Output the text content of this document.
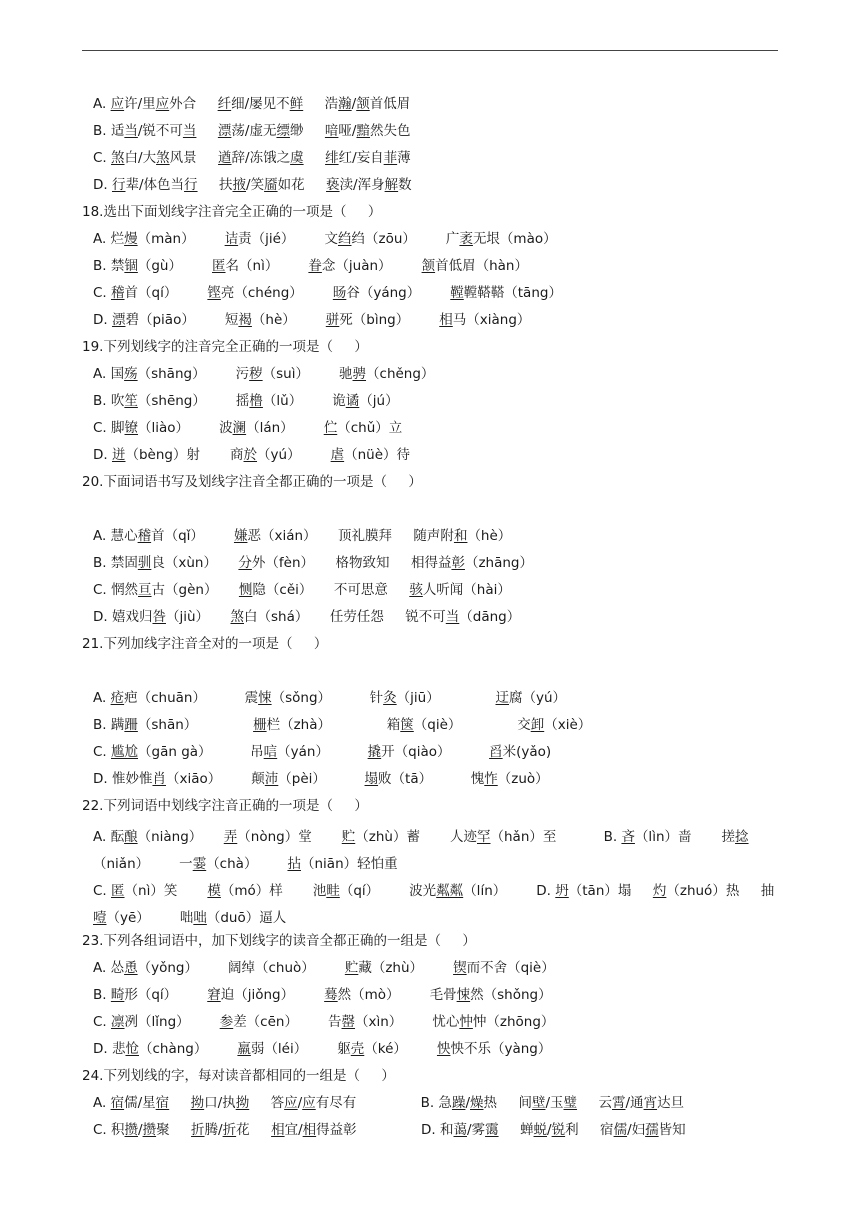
A. 应许/里应外合 纤细/屡见不鲜     浩瀚/颔首低眉
B. 适当/锐不可当 漂荡/虚无缥缈     喑哑/黯然失色
C. 煞白/大煞风景     遒辞/冻饿之虞 绯红/妄自菲薄
D. 行辈/体色当行     扶掖/笑靥如花     亵渎/浑身解数
18.选出下面划线字注音完全正确的一项是（     ）
A. 烂熳（màn）       诘责（jié）       文绉绉（zōu）       广袤无垠（mào）
B. 禁锢（gù）       匿名（nì）       眷念（juàn）       颔首低眉（hàn）
C. 稽首（qí）       铿亮（chéng）       旸谷（yáng）       鞺鞺鞳鞳（tāng）
D. 漂碧（piāo）       短褐（hè）       骈死（bìng）       相马（xiàng）
19.下列划线字的注音完全正确的一项是（     ）
A. 国殇（shāng）       污秽（suì）       驰骋（chěng）
B. 吹笙（shēng）       摇橹（lǔ）       诡谲（jú）
C. 脚镣（liào）       波澜（lán）       伫（chǔ）立
D. 迸（bèng）射       商於（yú）       虐（nüè）待
20.下面词语书写及划线字注音全都正确的一项是（     ）
A. 慧心稽首（qǐ）       嫌恶（xián）     顶礼膜拜     随声附和（hè）
B. 禁固驯良（xùn）     分外（fèn）     格物致知     相得益彰（zhāng）
C. 惘然亘古（gèn）     恻隐（cěi）     不可思意     骇人听闻（hài）
D. 嬉戏归咎（jiù）     煞白（shá）     任劳任怨     锐不可当（dāng）
21.下列加线字注音全对的一项是（     ）
A. 疮疤（chuān）         震悚（sǒng）         针灸（jiū）             迂腐（yú）
B. 蹒跚（shān）             栅栏（zhà）             箱箧（qiè）             交卸（xiè）
C. 尴尬（gān gà）         吊唁（yán）         撬开（qiào）         舀米(yǎo)
D. 惟妙惟肖（xiāo）       颠沛（pèi）         塌败（tā）         愧怍（zuò）
22.下列词语中划线字注音正确的一项是（     ）
A. 酝酿（niàng）     弄（nòng）堂       贮（zhù）蓄       人迹罕（hǎn）至           B. 吝（lìn）啬       搓捻（niǎn）       一霎（chà）       拈（niān）轻怕重
C. 匿（nì）笑       模（mó）样       池畦（qí）       波光粼粼（lín）       D. 坍（tān）塌     灼（zhuó）热     抽噎（yē）       咄咄（duō）逼人
23.下列各组词语中，加下划线字的读音全都正确的一组是（     ）
A. 怂恿（yǒng）       阔绰（chuò）       贮藏（zhù）       锲而不舍（qiè）
B. 畸形（qí）       窘迫（jiǒng）       蓦然（mò）       毛骨悚然（shǒng）
C. 凛冽（lǐng）       参差（cēn）       告罄（xìn）       忧心忡忡（zhōng）
D. 悲怆（chàng）       羸弱（léi）       躯壳（ké）       怏怏不乐（yàng）
24.下列划线的字，每对读音都相同的一组是（     ）
A. 宿儒/星宿 拗口/执拗     答应/应有尽有               B. 急躁/燥热     间壁/玉璧     云霄/通宵达旦
C. 积攒/攒聚     折腾/折花     相宜/相得益彰               D. 和蔼/雾霭     蝉蜕/锐利     宿儒/妇孺皆知
